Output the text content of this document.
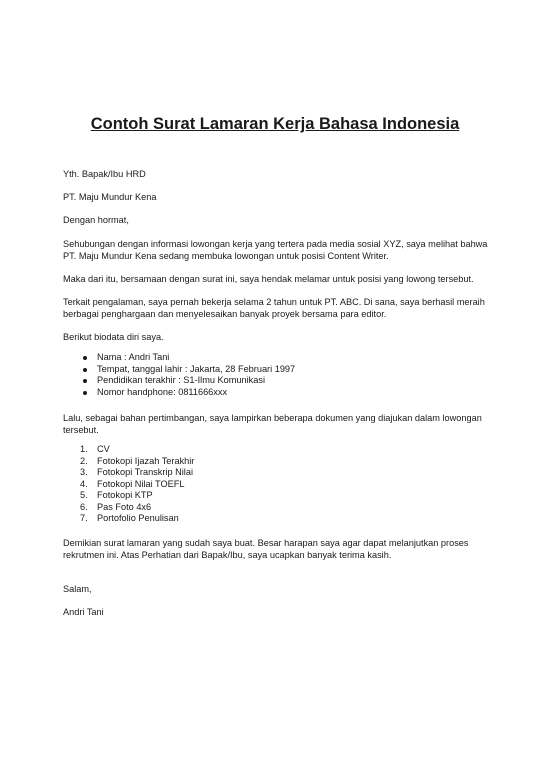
Contoh Surat Lamaran Kerja Bahasa Indonesia

Yth. Bapak/Ibu HRD

PT. Maju Mundur Kena

Dengan hormat,

Sehubungan dengan informasi lowongan kerja yang tertera pada media sosial XYZ, saya melihat bahwa PT. Maju Mundur Kena sedang membuka lowongan untuk posisi Content Writer.

Maka dari itu, bersamaan dengan surat ini, saya hendak melamar untuk posisi yang lowong tersebut.

Terkait pengalaman, saya pernah bekerja selama 2 tahun untuk PT. ABC. Di sana, saya berhasil meraih berbagai penghargaan dan menyelesaikan banyak proyek bersama para editor.

Berikut biodata diri saya.

Nama : Andri Tani
Tempat, tanggal lahir : Jakarta, 28 Februari 1997
Pendidikan terakhir : S1-Ilmu Komunikasi
Nomor handphone: 0811666xxx

Lalu, sebagai bahan pertimbangan, saya lampirkan beberapa dokumen yang diajukan dalam lowongan tersebut.

1. CV
2. Fotokopi Ijazah Terakhir
3. Fotokopi Transkrip Nilai
4. Fotokopi Nilai TOEFL
5. Fotokopi KTP
6. Pas Foto 4x6
7. Portofolio Penulisan

Demikian surat lamaran yang sudah saya buat. Besar harapan saya agar dapat melanjutkan proses rekrutmen ini. Atas Perhatian dari Bapak/Ibu, saya ucapkan banyak terima kasih.

Salam,

Andri Tani
